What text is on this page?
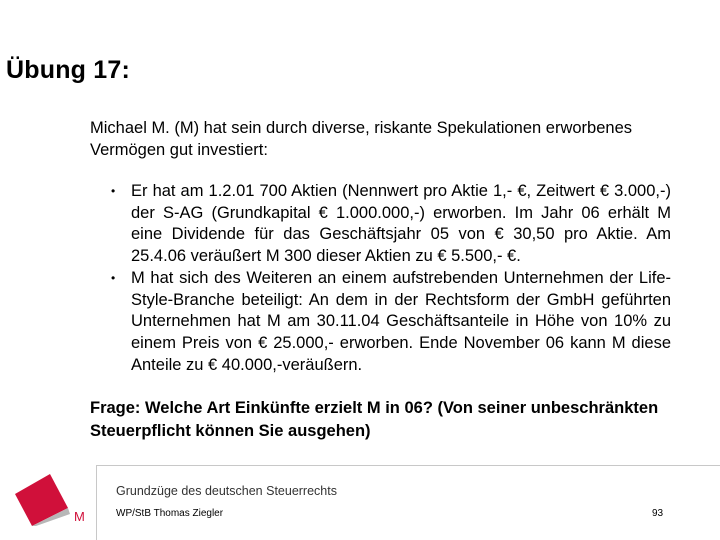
Übung 17:
Michael M. (M) hat sein durch diverse, riskante Spekulationen erworbenes Vermögen gut investiert:
• Er hat am 1.2.01 700 Aktien (Nennwert pro Aktie 1,- €, Zeitwert € 3.000,-) der S-AG (Grundkapital € 1.000.000,-) erworben. Im Jahr 06 erhält M eine Dividende für das Geschäftsjahr 05 von € 30,50 pro Aktie. Am 25.4.06 veräußert M 300 dieser Aktien zu € 5.500,- €.
• M hat sich des Weiteren an einem aufstrebenden Unternehmen der Life-Style-Branche beteiligt: An dem in der Rechtsform der GmbH geführten Unternehmen hat M am 30.11.04 Geschäftsanteile in Höhe von 10% zu einem Preis von € 25.000,- erworben. Ende November 06 kann M diese Anteile zu € 40.000,-veräußern.
Frage: Welche Art Einkünfte erzielt M in 06? (Von seiner unbeschränkten Steuerpflicht können Sie ausgehen)
M
Grundzüge des deutschen Steuerrechts
WP/StB Thomas Ziegler	93
